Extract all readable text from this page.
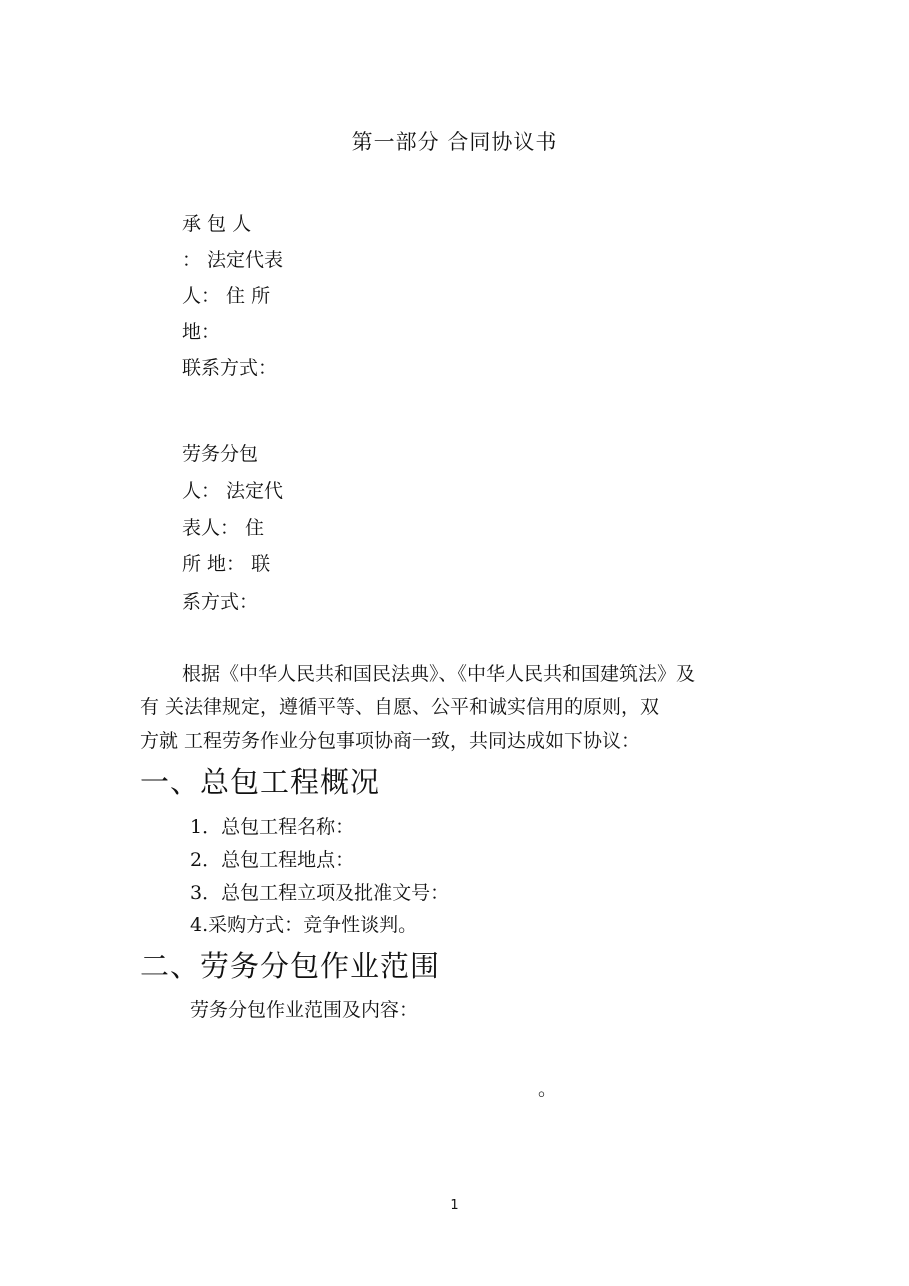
第一部分 合同协议书
承 包 人
： 法定代表
人： 住 所
地：
联系方式：
劳务分包
人： 法定代
表人： 住
所 地： 联
系方式：
根据《中华人民共和国民法典》、《中华人民共和国建筑法》及
有 关法律规定，遵循平等、自愿、公平和诚实信用的原则，双
方就 工程劳务作业分包事项协商一致，共同达成如下协议：
一、总包工程概况
1．总包工程名称：
2．总包工程地点：
3．总包工程立项及批准文号：
4.采购方式：竞争性谈判。
二、劳务分包作业范围
劳务分包作业范围及内容：
。
1
